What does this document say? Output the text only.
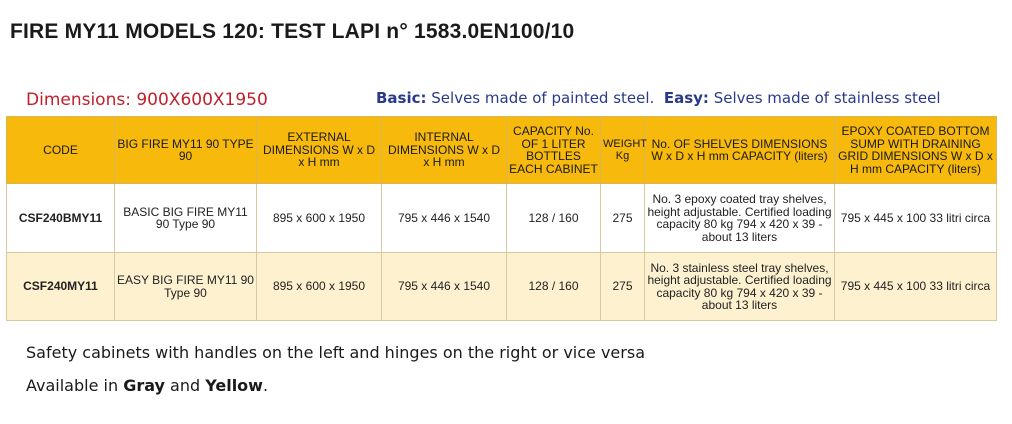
FIRE MY11 MODELS 120: TEST LAPI n° 1583.0EN100/10
Dimensions: 900X600X1950	Basic: Selves made of painted steel.  Easy: Selves made of stainless steel
CODE	BIG FIRE MY11 90 TYPE 90	EXTERNAL DIMENSIONS W x D x H mm	INTERNAL DIMENSIONS W x D x H mm	CAPACITY No. OF 1 LITER BOTTLES EACH CABINET	WEIGHT Kg	No. OF SHELVES DIMENSIONS W x D x H mm CAPACITY (liters)	EPOXY COATED BOTTOM SUMP WITH DRAINING GRID DIMENSIONS W x D x H mm CAPACITY (liters)
CSF240BMY11	BASIC BIG FIRE MY11 90 Type 90	895 x 600 x 1950	795 x 446 x 1540	128 / 160	275	No. 3 epoxy coated tray shelves, height adjustable. Certified loading capacity 80 kg 794 x 420 x 39 - about 13 liters	795 x 445 x 100 33 litri circa
CSF240MY11	EASY BIG FIRE MY11 90 Type 90	895 x 600 x 1950	795 x 446 x 1540	128 / 160	275	No. 3 stainless steel tray shelves, height adjustable. Certified loading capacity 80 kg 794 x 420 x 39 - about 13 liters	795 x 445 x 100 33 litri circa
Safety cabinets with handles on the left and hinges on the right or vice versa
Available in Gray and Yellow.
